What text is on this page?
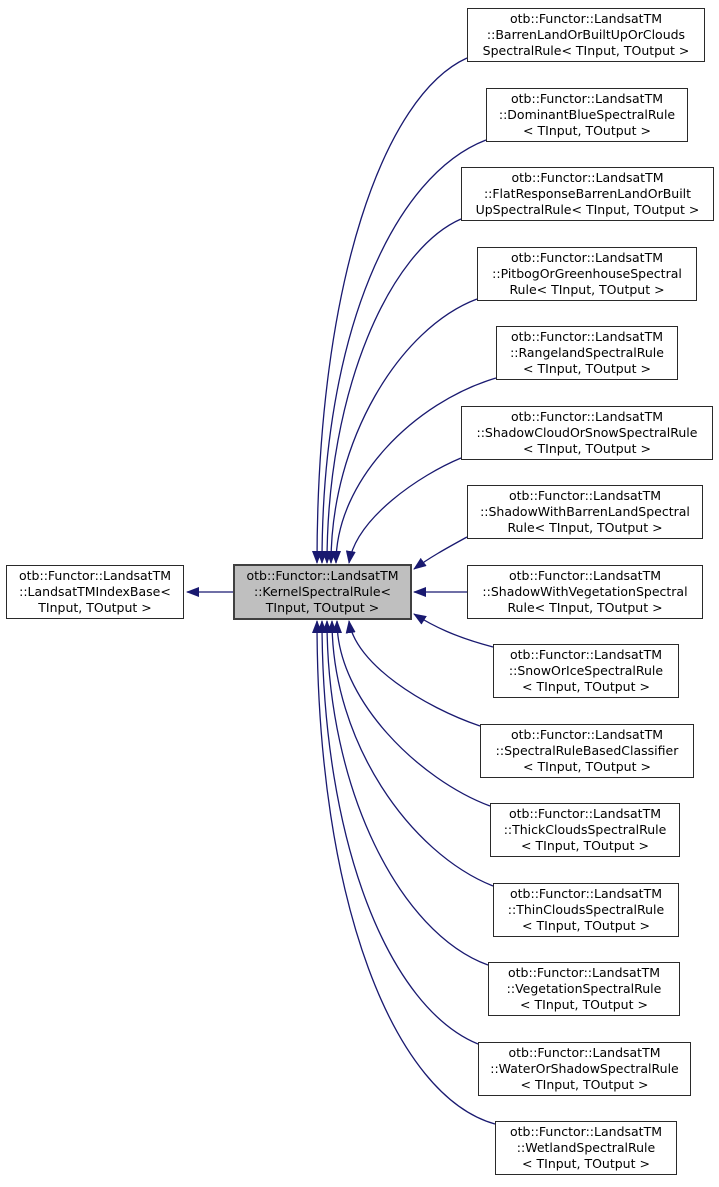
otb::Functor::LandsatTM
::LandsatTMIndexBase<
TInput, TOutput >
otb::Functor::LandsatTM
::KernelSpectralRule<
TInput, TOutput >
otb::Functor::LandsatTM
::BarrenLandOrBuiltUpOrClouds
SpectralRule< TInput, TOutput >
otb::Functor::LandsatTM
::DominantBlueSpectralRule
< TInput, TOutput >
otb::Functor::LandsatTM
::FlatResponseBarrenLandOrBuilt
UpSpectralRule< TInput, TOutput >
otb::Functor::LandsatTM
::PitbogOrGreenhouseSpectral
Rule< TInput, TOutput >
otb::Functor::LandsatTM
::RangelandSpectralRule
< TInput, TOutput >
otb::Functor::LandsatTM
::ShadowCloudOrSnowSpectralRule
< TInput, TOutput >
otb::Functor::LandsatTM
::ShadowWithBarrenLandSpectral
Rule< TInput, TOutput >
otb::Functor::LandsatTM
::ShadowWithVegetationSpectral
Rule< TInput, TOutput >
otb::Functor::LandsatTM
::SnowOrIceSpectralRule
< TInput, TOutput >
otb::Functor::LandsatTM
::SpectralRuleBasedClassifier
< TInput, TOutput >
otb::Functor::LandsatTM
::ThickCloudsSpectralRule
< TInput, TOutput >
otb::Functor::LandsatTM
::ThinCloudsSpectralRule
< TInput, TOutput >
otb::Functor::LandsatTM
::VegetationSpectralRule
< TInput, TOutput >
otb::Functor::LandsatTM
::WaterOrShadowSpectralRule
< TInput, TOutput >
otb::Functor::LandsatTM
::WetlandSpectralRule
< TInput, TOutput >
